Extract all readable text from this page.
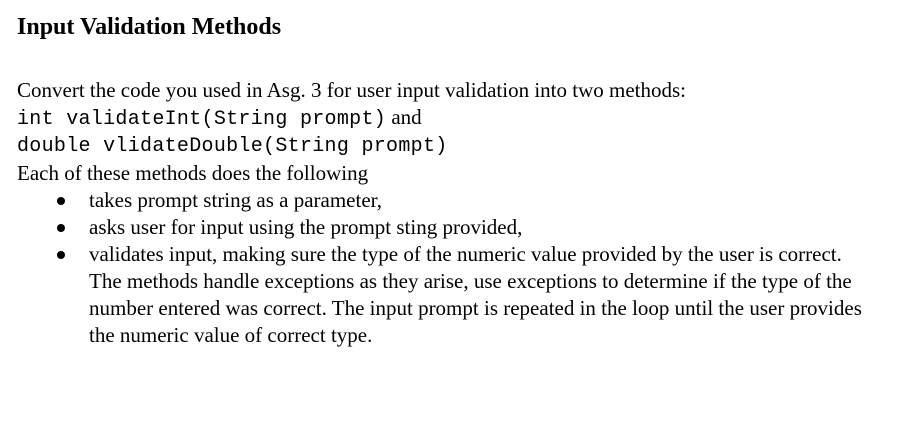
Input Validation Methods
Convert the code you used in Asg. 3 for user input validation into two methods:
int validateInt(String prompt) and
double vlidateDouble(String prompt)
Each of these methods does the following
takes prompt string as a parameter,
asks user for input using the prompt sting provided,
validates input, making sure the type of the numeric value provided by the user is correct.
The methods handle exceptions as they arise, use exceptions to determine if the type of the number entered was correct. The input prompt is repeated in the loop until the user provides the numeric value of correct type.
